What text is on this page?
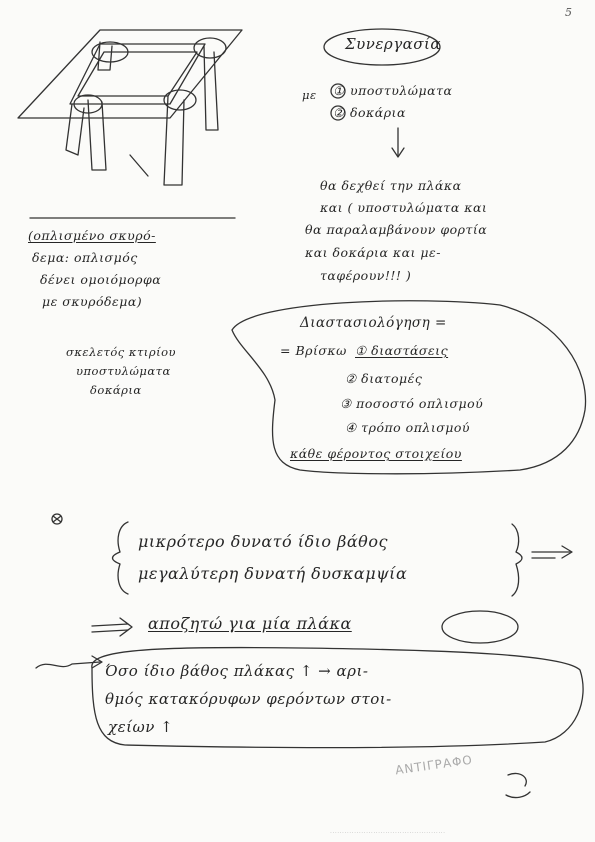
5
Συνεργασία
με ① υποστυλώματα
② δοκάρια
θα δεχθεί την πλάκα
και ( υποστυλώματα και
θα παραλαμβάνουν φορτία
και δοκάρια και με-
ταφέρουν!!! )
(οπλισμένο σκυρό-
δεμα: οπλισμός
δένει ομοιόμορφα
με σκυρόδεμα)
σκελετός κτιρίου
υποστυλώματα
δοκάρια
Διαστασιολόγηση =
= Βρίσκω ① διαστάσεις
② διατομές
③ ποσοστό οπλισμού
④ τρόπο οπλισμού
κάθε φέροντος στοιχείου
μικρότερο δυνατό ίδιο βάθος
μεγαλύτερη δυνατή δυσκαμψία
αποζητώ για μία πλάκα
Όσο ίδιο βάθος πλάκας ↑ → αρι-
θμός κατακόρυφων φερόντων στοι-
χείων ↑
ΑΝΤΙΓΡΑΦΟ
................................................
